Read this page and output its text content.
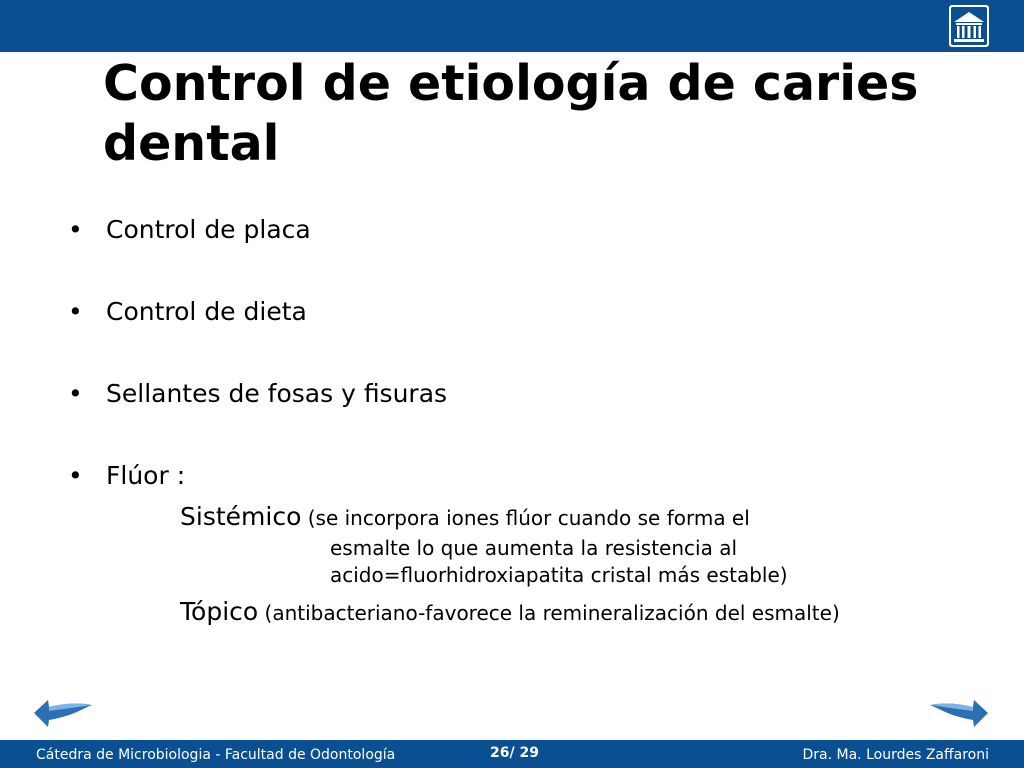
Control de etiología de caries dental
• Control de placa
• Control de dieta
• Sellantes de fosas y fisuras
• Flúor :
Sistémico (se incorpora iones flúor cuando se forma el
esmalte lo que aumenta la resistencia al
acido=fluorhidroxiapatita cristal más estable)
Tópico (antibacteriano-favorece la remineralización del esmalte)
Cátedra de Microbiologia - Facultad de Odontología	26/ 29	Dra. Ma. Lourdes Zaffaroni
